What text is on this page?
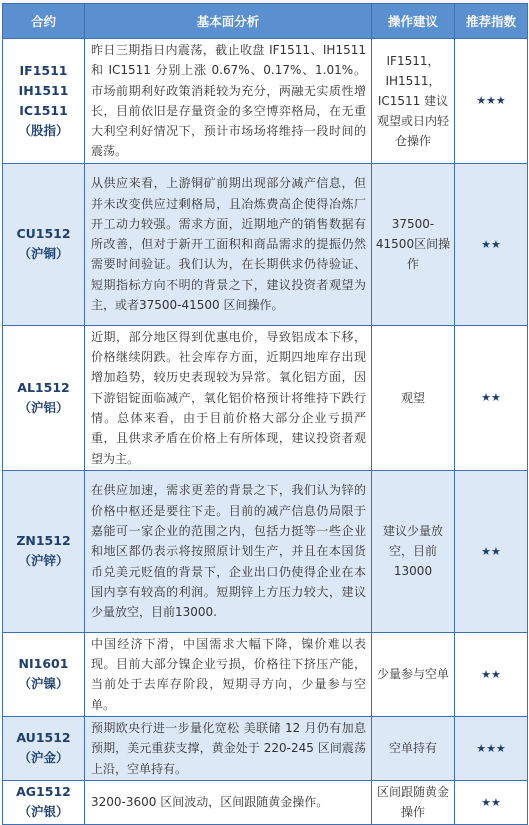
合约	基本面分析	操作建议	推荐指数

IF1511
IH1511
IC1511
（股指）	昨日三期指日内震荡，截止收盘 IF1511、IH1511 和 IC1511 分别上涨 0.67%、0.17%、1.01%。市场前期利好政策消耗较为充分，两融无实质性增长，目前依旧是存量资金的多空博弈格局，在无重大利空利好情况下，预计市场场将维持一段时间的震荡。	IF1511，IH1511，IC1511 建议观望或日内轻仓操作	★★★

CU1512
（沪铜）	从供应来看，上游铜矿前期出现部分减产信息，但并未改变供应过剩格局，且冶炼费高企使得冶炼厂开工动力较强。需求方面，近期地产的销售数据有所改善，但对于新开工面积和商品需求的提振仍然需要时间验证。我们认为，在长期供求仍待验证、短期指标方向不明的背景之下，建议投资者观望为主，或者37500-41500 区间操作。	37500-41500区间操作	★★

AL1512
（沪铝）	近期，部分地区得到优惠电价，导致铝成本下移，价格继续阴跌。社会库存方面，近期四地库存出现增加趋势，较历史表现较为异常。氧化铝方面，因下游铝锭面临减产，氧化铝价格预计将维持下跌行情。总体来看，由于目前价格大部分企业亏损严重，且供求矛盾在价格上有所体现，建议投资者观望为主。	观望	★★

ZN1512
（沪锌）	在供应加速，需求更差的背景之下，我们认为锌的价格中枢还是要往下走。目前的减产信息仍局限于嘉能可一家企业的范围之内，包括力挺等一些企业和地区都仍表示将按照原计划生产，并且在本国货币兑美元贬值的背景下，企业出口仍使得企业在本国内享有较高的利润。短期锌上方压力较大，建议少量放空，目前13000.	建议少量放空，目前13000	★★

NI1601
（沪镍）	中国经济下滑，中国需求大幅下降，镍价难以表现。目前大部分镍企业亏损，价格往下挤压产能，当前处于去库存阶段，短期寻方向，少量参与空单。	少量参与空单	★★

AU1512
（沪金）	预期欧央行进一步量化宽松 美联储 12 月仍有加息预期，美元重获支撑，黄金处于 220-245 区间震荡上沿，空单持有。	空单持有	★★★

AG1512
（沪银）	3200-3600 区间波动，区间跟随黄金操作。	区间跟随黄金操作	★★
